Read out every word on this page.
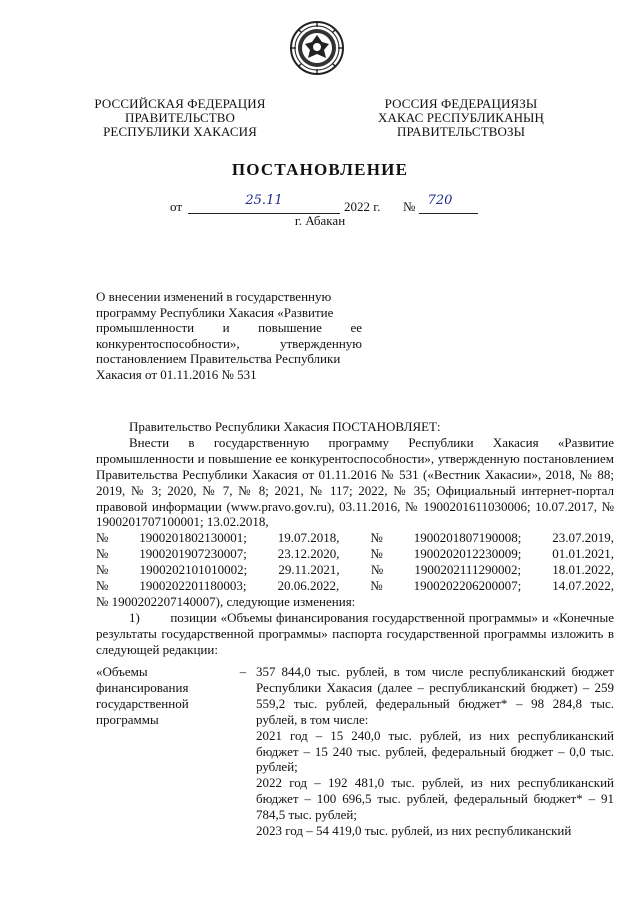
РОССИЙСКАЯ ФЕДЕРАЦИЯ
ПРАВИТЕЛЬСТВО
РЕСПУБЛИКИ ХАКАСИЯ
РОССИЯ ФЕДЕРАЦИЯЗЫ
ХАКАС РЕСПУБЛИКАНЫҢ
ПРАВИТЕЛЬСТВОЗЫ
ПОСТАНОВЛЕНИЕ
от	25.11	2022 г. № 720
г. Абакан

О внесении изменений в государственную

программу Республики Хакасия «Развитие

промышленности и повышение ее

конкурентоспособности», утвержденную

постановлением Правительства Республики

Хакасия от 01.11.2016 № 531

Правительство Республики Хакасия ПОСТАНОВЛЯЕТ:

Внести в государственную программу Республики Хакасия «Развитие промышленности и повышение ее конкурентоспособности», утвержденную постановлением Правительства Республики Хакасия от 01.11.2016 № 531 («Вестник Хакасии», 2018, № 88; 2019, № 3; 2020, № 7, № 8; 2021, № 117; 2022, № 35; Официальный интернет-портал правовой информации (www.pravo.gov.ru), 03.11.2016, № 1900201611030006; 10.07.2017, № 1900201707100001; 13.02.2018,

№ 1900201802130001; 19.07.2018, № 1900201807190008; 23.07.2019,
№ 1900201907230007; 23.12.2020, № 1900202012230009; 01.01.2021,
№ 1900202101010002; 29.11.2021, № 1900202111290002; 18.01.2022,
№ 1900202201180003; 20.06.2022, № 1900202206200007; 14.07.2022,

№ 1900202207140007), следующие изменения:

1)        позиции «Объемы финансирования государственной программы» и «Конечные результаты государственной программы» паспорта государственной программы изложить в следующей редакции:

«Объемы
финансирования
государственной
программы
– 357 844,0 тыс. рублей, в том числе республиканский бюджет Республики Хакасия (далее – республиканский бюджет) – 259 559,2 тыс. рублей, федеральный бюджет* – 98 284,8 тыс. рублей, в том числе:

2021 год – 15 240,0 тыс. рублей, из них республиканский бюджет – 15 240 тыс. рублей, федеральный бюджет – 0,0 тыс. рублей;

2022 год – 192 481,0 тыс. рублей, из них республиканский бюджет – 100 696,5 тыс. рублей, федеральный бюджет* – 91 784,5 тыс. рублей;

2023 год – 54 419,0 тыс. рублей, из них республиканский
